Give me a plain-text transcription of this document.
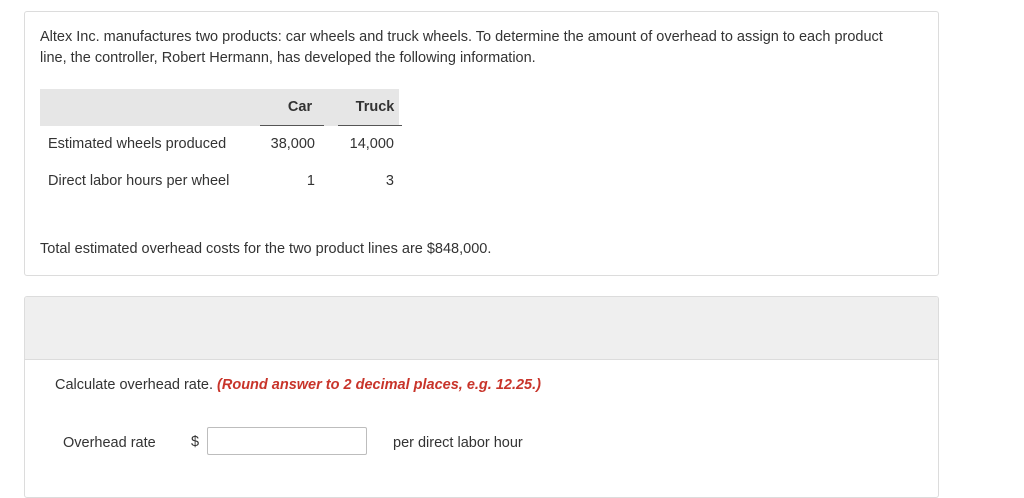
Altex Inc. manufactures two products: car wheels and truck wheels. To determine the amount of overhead to assign to each product
line, the controller, Robert Hermann, has developed the following information.
Car	Truck
Estimated wheels produced	38,000	14,000
Direct labor hours per wheel	1	3
Total estimated overhead costs for the two product lines are $848,000.
Calculate overhead rate. (Round answer to 2 decimal places, e.g. 12.25.)
Overhead rate $	per direct labor hour
